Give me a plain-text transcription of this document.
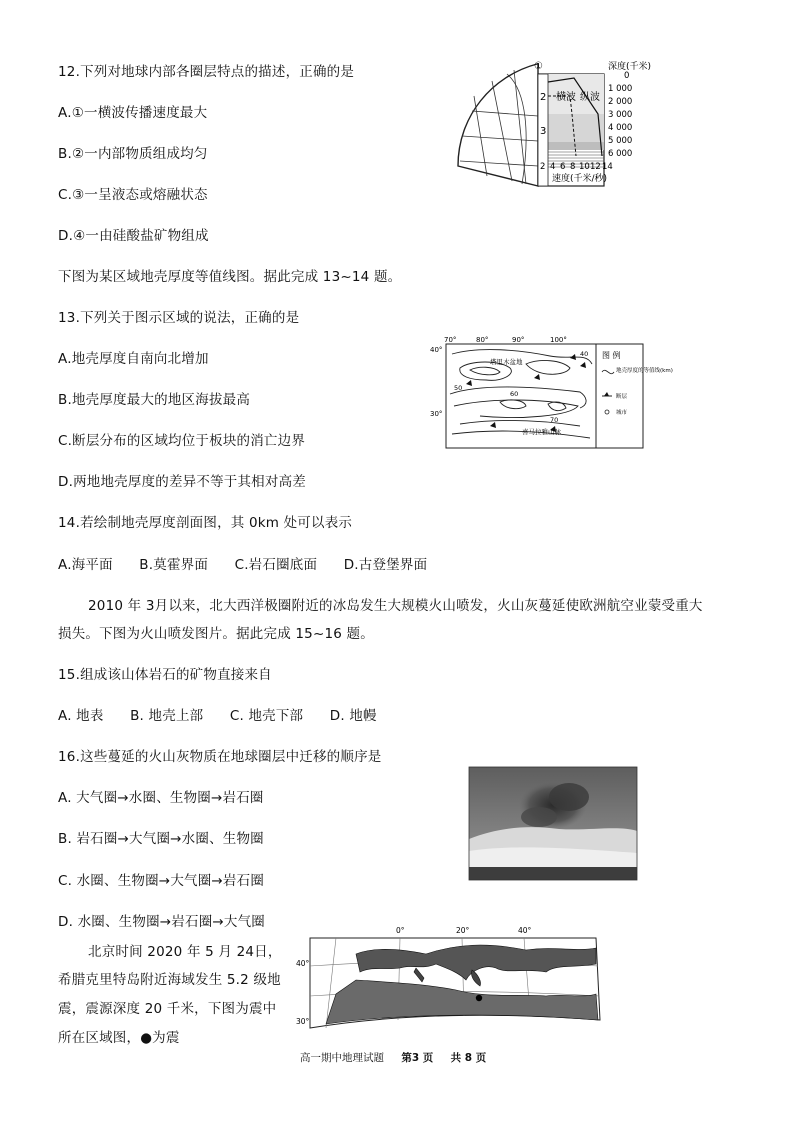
12.下列对地球内部各圈层特点的描述，正确的是
A.①一横波传播速度最大
B.②一内部物质组成均匀
C.③一呈液态或熔融状态
D.④一由硅酸盐矿物组成
①
2
3
横波 纵波
深度(千米)
0
1 000
2 000
3 000
4 000
5 000
6 000
2 4 6 8 10 12 14
速度(千米/秒)
下图为某区域地壳厚度等值线图。据此完成 13~14 题。
13.下列关于图示区域的说法，正确的是
A.地壳厚度自南向北增加
B.地壳厚度最大的地区海拔最高
C.断层分布的区域均位于板块的消亡边界
D.两地地壳厚度的差异不等于其相对高差
70°	80°	90°	100°
40°
30°
40
50
60
70
塔里木盆地
喜马拉雅山脉
图 例
地壳厚度的等值线(km)
断层
城市
14.若绘制地壳厚度剖面图，其 0km 处可以表示
A.海平面 B.莫霍界面 C.岩石圈底面 D.古登堡界面
2010 年 3月以来，北大西洋极圈附近的冰岛发生大规模火山喷发，火山灰蔓延使欧洲航空业蒙受重大
损失。下图为火山喷发图片。据此完成 15~16 题。
15.组成该山体岩石的矿物直接来自
A. 地表 B. 地壳上部 C. 地壳下部 D. 地幔
16.这些蔓延的火山灰物质在地球圈层中迁移的顺序是
A. 大气圈→水圈、生物圈→岩石圈
B. 岩石圈→大气圈→水圈、生物圈
C. 水圈、生物圈→大气圈→岩石圈
D. 水圈、生物圈→岩石圈→大气圈
北京时间 2020 年 5 月 24日，
希腊克里特岛附近海域发生 5.2 级地
震，震源深度 20 千米，下图为震中
所在区域图，●为震
0°	20°	40°
40°
30°
高一期中地理试题 第3 页 共 8 页
